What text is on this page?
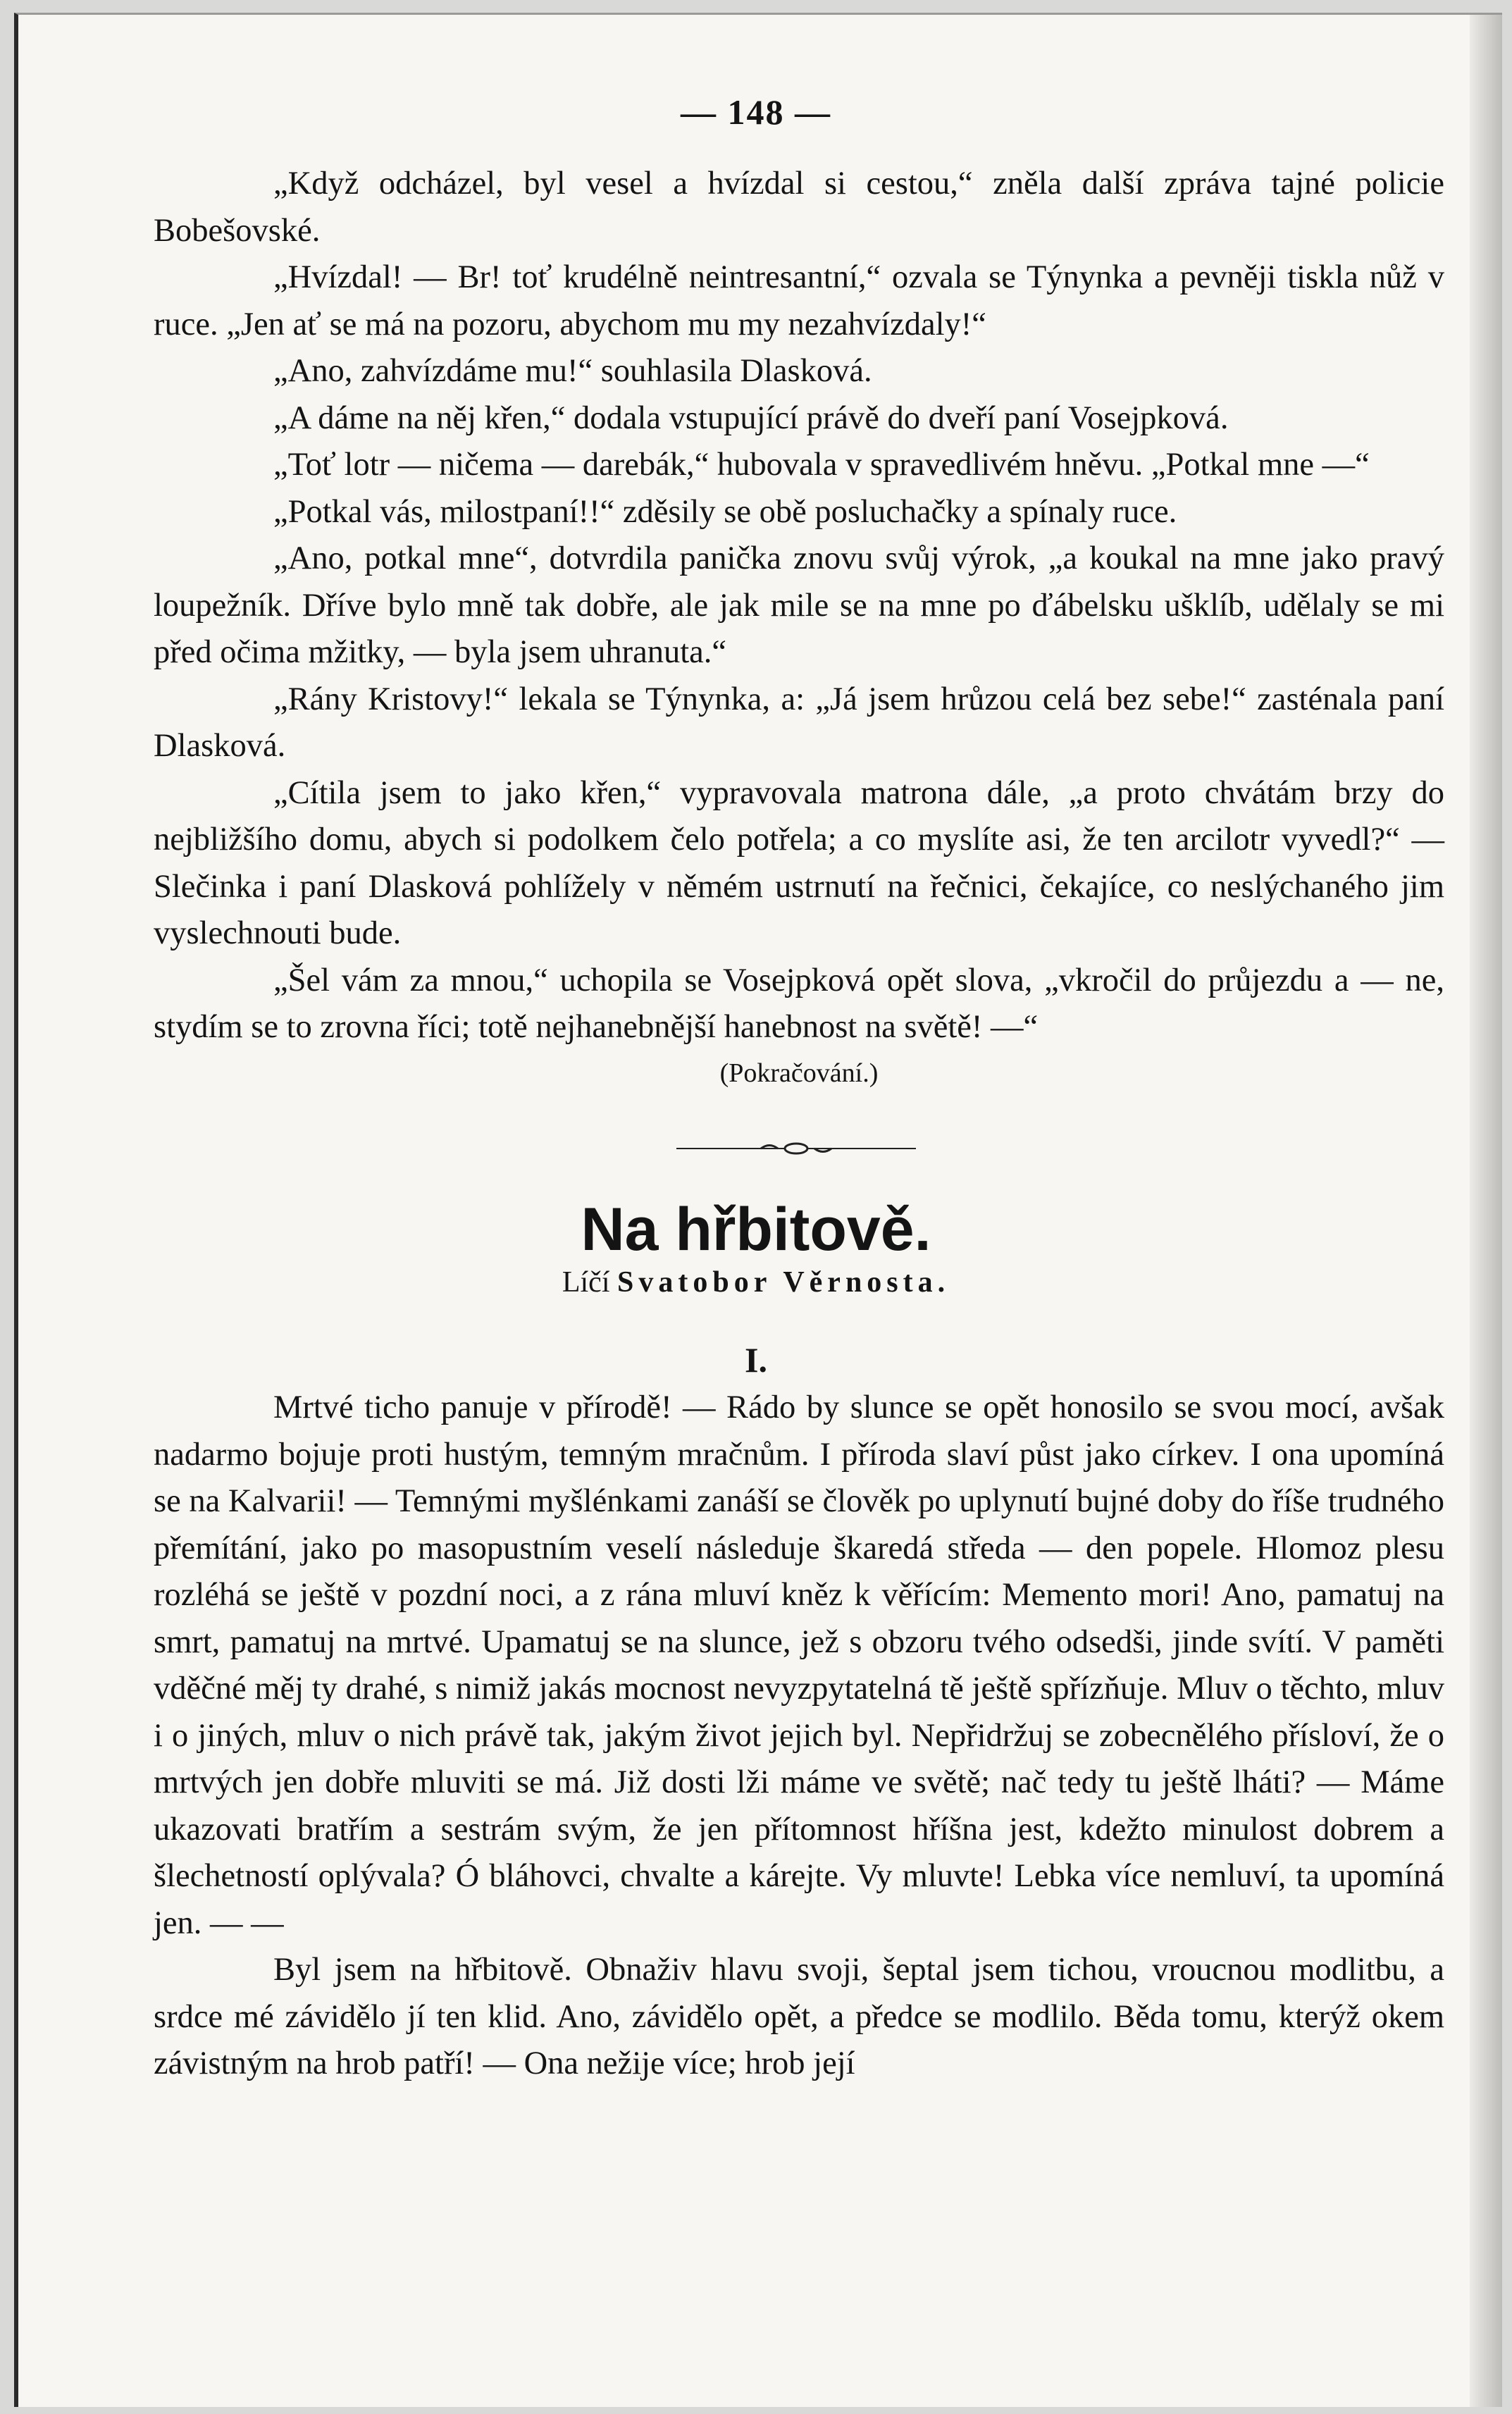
— 148 —

„Když odcházel, byl vesel a hvízdal si cestou,“ zněla další zpráva tajné policie Bobešovské.

„Hvízdal! — Br! toť krudélně neintresantní,“ ozvala se Týnynka a pevněji tiskla nůž v ruce. „Jen ať se má na pozoru, abychom mu my nezahvízdaly!“

„Ano, zahvízdáme mu!“ souhlasila Dlasková.

„A dáme na něj křen,“ dodala vstupující právě do dveří paní Vosejpková.

„Toť lotr — ničema — darebák,“ hubovala v spravedlivém hněvu. „Potkal mne —“

„Potkal vás, milostpaní!!“ zděsily se obě posluchačky a spínaly ruce.

„Ano, potkal mne“, dotvrdila panička znovu svůj výrok, „a koukal na mne jako pravý loupežník. Dříve bylo mně tak dobře, ale jak mile se na mne po ďábelsku ušklíb, udělaly se mi před očima mžitky, — byla jsem uhranuta.“

„Rány Kristovy!“ lekala se Týnynka, a: „Já jsem hrůzou celá bez sebe!“ zasténala paní Dlasková.

„Cítila jsem to jako křen,“ vypravovala matrona dále, „a proto chvátám brzy do nejbližšího domu, abych si podolkem čelo potřela; a co myslíte asi, že ten arcilotr vyvedl?“ — Slečinka i paní Dlasková pohlížely v němém ustrnutí na řečnici, čekajíce, co neslýchaného jim vyslechnouti bude.

„Šel vám za mnou,“ uchopila se Vosejpková opět slova, „vkročil do průjezdu a — ne, stydím se to zrovna říci; totě nejhanebnější hanebnost na světě! —“

(Pokračování.)
Na hřbitově.
Líčí Svatobor Věrnosta.
I.

Mrtvé ticho panuje v přírodě! — Rádo by slunce se opět honosilo se svou mocí, avšak nadarmo bojuje proti hustým, temným mračnům. I příroda slaví půst jako církev. I ona upomíná se na Kalvarii! — Temnými myšlénkami zanáší se člověk po uplynutí bujné doby do říše trudného přemítání, jako po masopustním veselí následuje škaredá středa — den popele. Hlomoz plesu rozléhá se ještě v pozdní noci, a z rána mluví kněz k věřícím: Memento mori! Ano, pamatuj na smrt, pamatuj na mrtvé. Upamatuj se na slunce, jež s obzoru tvého odsedši, jinde svítí. V paměti vděčné měj ty drahé, s nimiž jakás mocnost nevyzpytatelná tě ještě spřízňuje. Mluv o těchto, mluv i o jiných, mluv o nich právě tak, jakým život jejich byl. Nepřidržuj se zobecnělého přísloví, že o mrtvých jen dobře mluviti se má. Již dosti lži máme ve světě; nač tedy tu ještě lháti? — Máme ukazovati bratřím a sestrám svým, že jen přítomnost hříšna jest, kdežto minulost dobrem a šlechetností oplývala? Ó bláhovci, chvalte a kárejte. Vy mluvte! Lebka více nemluví, ta upomíná jen. — —

Byl jsem na hřbitově. Obnaživ hlavu svoji, šeptal jsem tichou, vroucnou modlitbu, a srdce mé závidělo jí ten klid. Ano, závidělo opět, a předce se modlilo. Běda tomu, kterýž okem závistným na hrob patří! — Ona nežije více; hrob její
